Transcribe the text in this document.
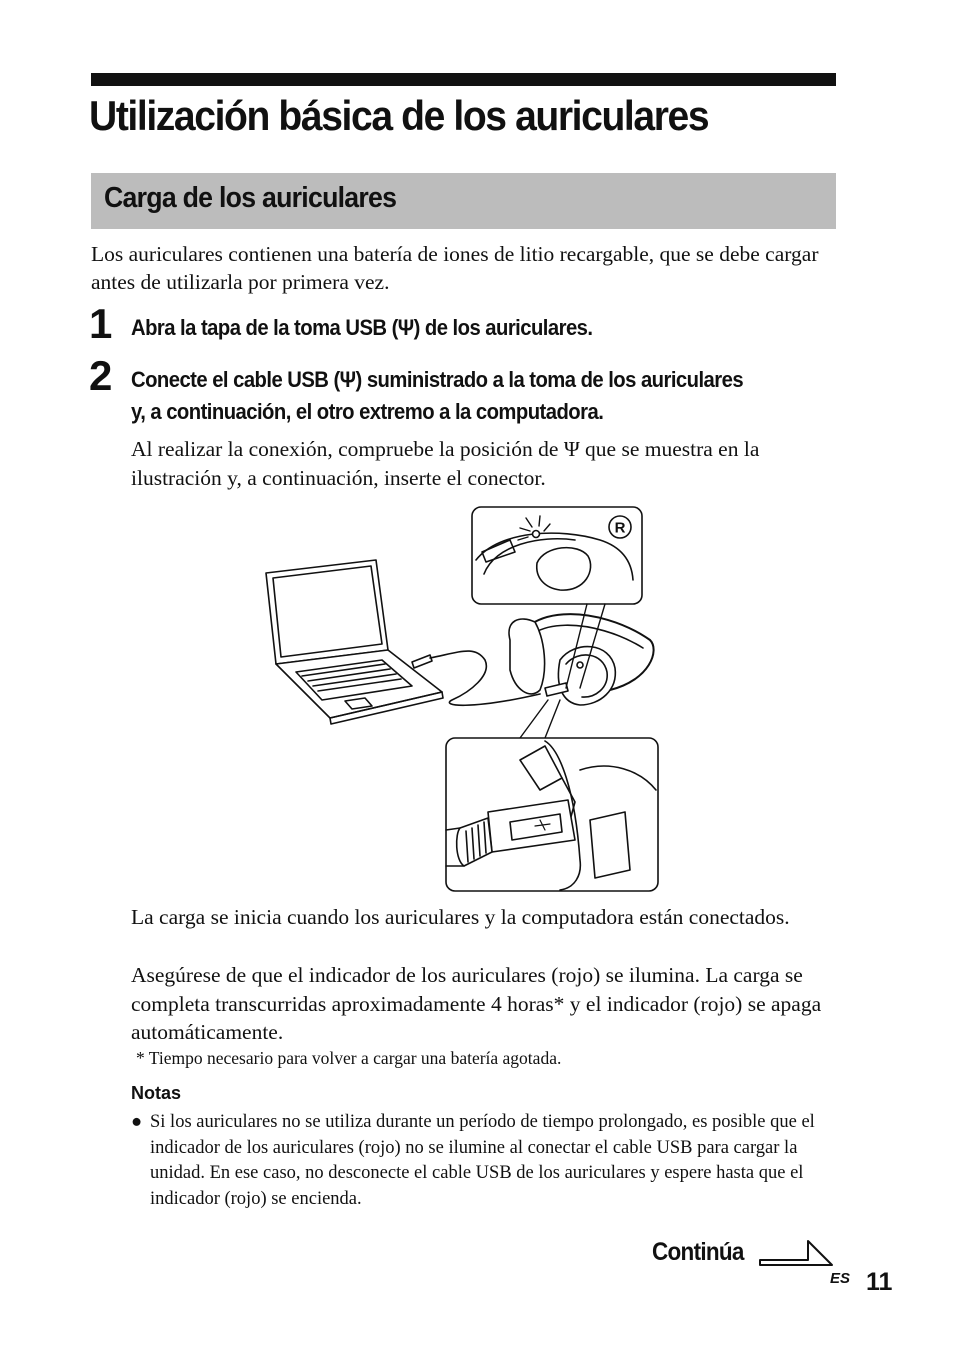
Utilización básica de los auriculares
Carga de los auriculares

Los auriculares contienen una batería de iones de litio recargable, que se debe cargar antes de utilizarla por primera vez.

1 Abra la tapa de la toma USB (Ψ) de los auriculares.
2 Conecte el cable USB (Ψ) suministrado a la toma de los auriculares
y, a continuación, el otro extremo a la computadora.

Al realizar la conexión, compruebe la posición de Ψ que se muestra en la ilustración y, a continuación, inserte el conector.

R

La carga se inicia cuando los auriculares y la computadora están conectados.

Asegúrese de que el indicador de los auriculares (rojo) se ilumina. La carga se completa transcurridas aproximadamente 4 horas* y el indicador (rojo) se apaga automáticamente.

* Tiempo necesario para volver a cargar una batería agotada.

Notas
● Si los auriculares no se utiliza durante un período de tiempo prolongado, es posible que el indicador de los auriculares (rojo) no se ilumine al conectar el cable USB para cargar la unidad. En ese caso, no desconecte el cable USB de los auriculares y espere hasta que el indicador (rojo) se encienda.
Continúa
ES 11
